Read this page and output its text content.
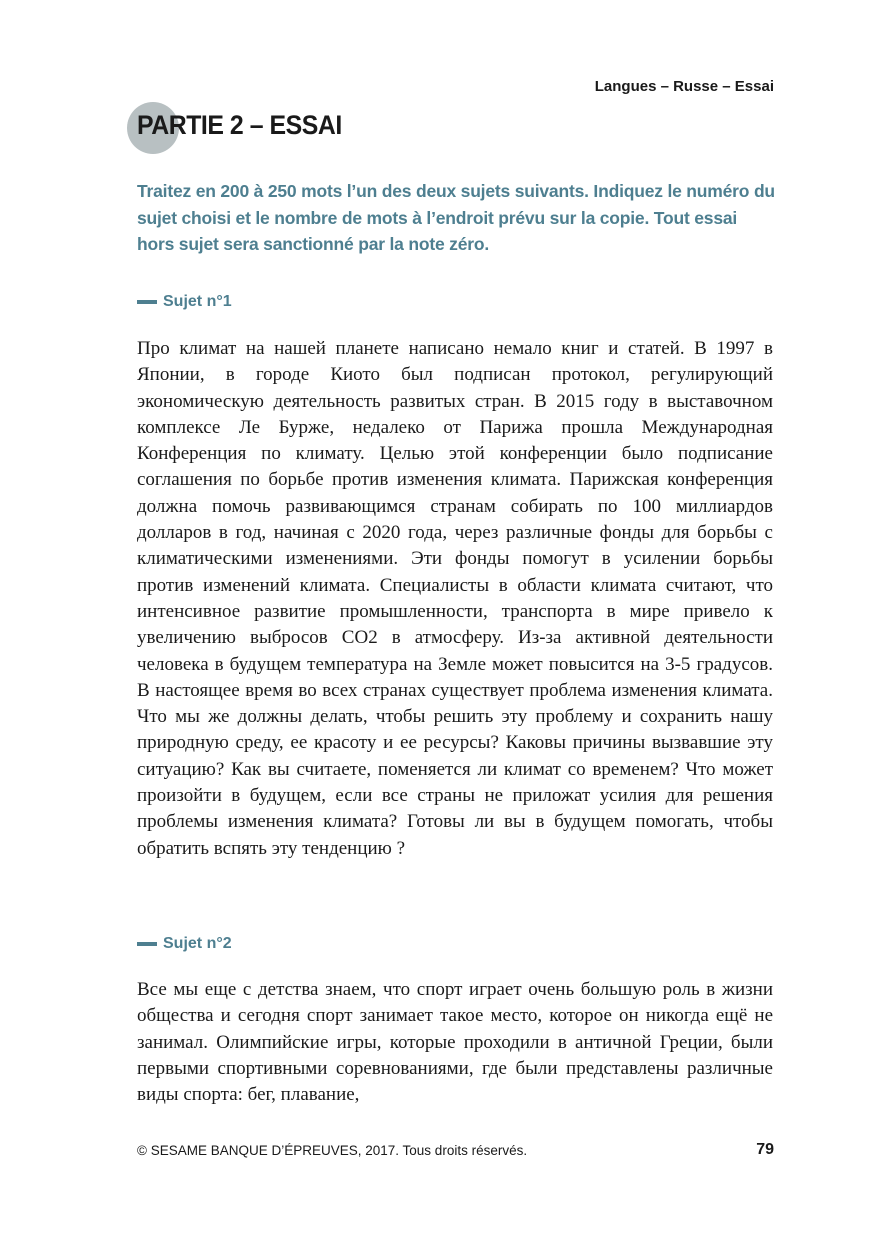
Langues – Russe – Essai
PARTIE 2 – ESSAI
Traitez en 200 à 250 mots l’un des deux sujets suivants. Indiquez le numéro du sujet choisi et le nombre de mots à l’endroit prévu sur la copie. Tout essai hors sujet sera sanctionné par la note zéro.
Sujet n°1
Про климат на нашей планете написано немало книг и статей. В 1997 в Японии, в городе Киото был подписан протокол, регулирующий экономическую деятельность развитых стран. В 2015 году в выставочном комплексе Ле Бурже, недалеко от Парижа прошла Международная Конференция по климату. Целью этой конференции было подписание соглашения по борьбе против изменения климата. Парижская конференция должна помочь развивающимся странам собирать по 100 миллиардов долларов в год, начиная с 2020 года, через различные фонды для борьбы с климатическими изменениями. Эти фонды помогут в усилении борьбы против изменений климата. Специалисты в области климата считают, что интенсивное развитие промышленности, транспорта в мире привело к увеличению выбросов СО2 в атмосферу. Из-за активной деятельности человека в будущем температура на Земле может повысится на 3-5 градусов. В настоящее время во всех странах существует проблема изменения климата. Что мы же должны делать, чтобы решить эту проблему и сохранить нашу природную среду, ее красоту и ее ресурсы? Каковы причины вызвавшие эту ситуацию? Как вы считаете, поменяется ли климат со временем? Что может произойти в будущем, если все страны не приложат усилия для решения проблемы изменения климата? Готовы ли вы в будущем помогать, чтобы обратить вспять эту тенденцию ?
Sujet n°2
Все мы еще с детства знаем, что спорт играет очень большую роль в жизни общества и сегодня спорт занимает такое место, которое он никогда ещё не занимал. Олимпийские игры, которые проходили в античной Греции, были первыми спортивными соревнованиями, где были представлены различные виды спорта: бег, плавание,
© SESAME BANQUE D’ÉPREUVES, 2017. Tous droits réservés.	79
